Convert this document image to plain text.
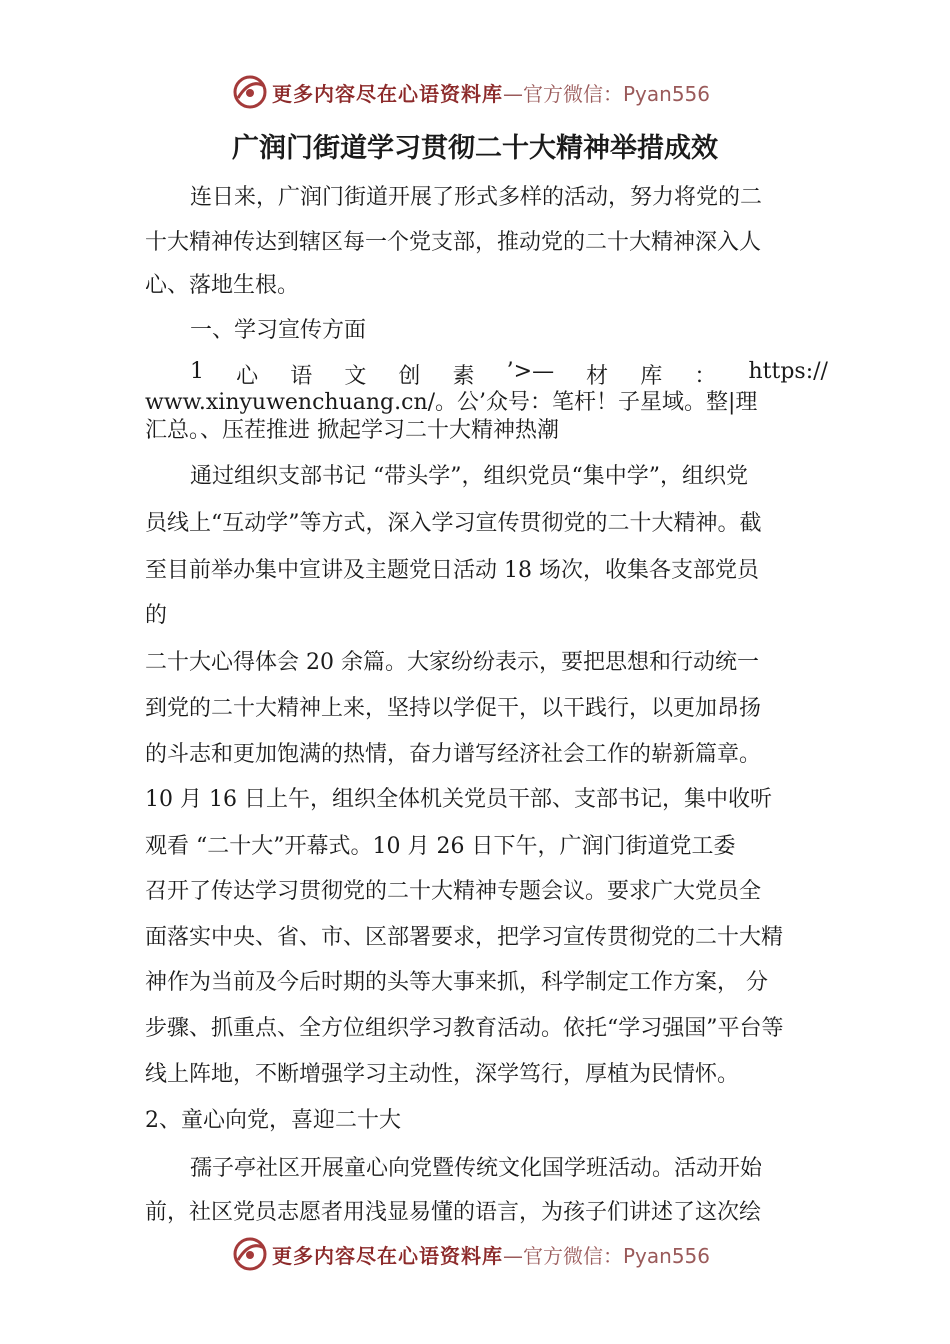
更多内容尽在心语资料库—官方微信：Pyan556
广润门街道学习贯彻二十大精神举措成效
连日来，广润门街道开展了形式多样的活动，努力将党的二
十大精神传达到辖区每一个党支部，推动党的二十大精神深入人
心、落地生根。
一、学习宣传方面
1 心 语 文 创 素 ’>— 材 库 ： https://
www.xinyuwenchuang.cn/。公’众号：笔杆！子星域。整|理
汇总。、压茬推进 掀起学习二十大精神热潮
通过组织支部书记 “带头学”，组织党员“集中学”，组织党
员线上“互动学”等方式，深入学习宣传贯彻党的二十大精神。截
至目前举办集中宣讲及主题党日活动 18 场次，收集各支部党员
的
二十大心得体会 20 余篇。大家纷纷表示，要把思想和行动统一
到党的二十大精神上来，坚持以学促干，以干践行，以更加昂扬
的斗志和更加饱满的热情，奋力谱写经济社会工作的崭新篇章。
10 月 16 日上午，组织全体机关党员干部、支部书记，集中收听
观看 “二十大”开幕式。10 月 26 日下午，广润门街道党工委
召开了传达学习贯彻党的二十大精神专题会议。要求广大党员全
面落实中央、省、市、区部署要求，把学习宣传贯彻党的二十大精
神作为当前及今后时期的头等大事来抓，科学制定工作方案， 分
步骤、抓重点、全方位组织学习教育活动。依托“学习强国”平台等
线上阵地，不断增强学习主动性，深学笃行，厚植为民情怀。
2、童心向党，喜迎二十大
孺子亭社区开展童心向党暨传统文化国学班活动。活动开始
前，社区党员志愿者用浅显易懂的语言，为孩子们讲述了这次绘
更多内容尽在心语资料库—官方微信：Pyan556
